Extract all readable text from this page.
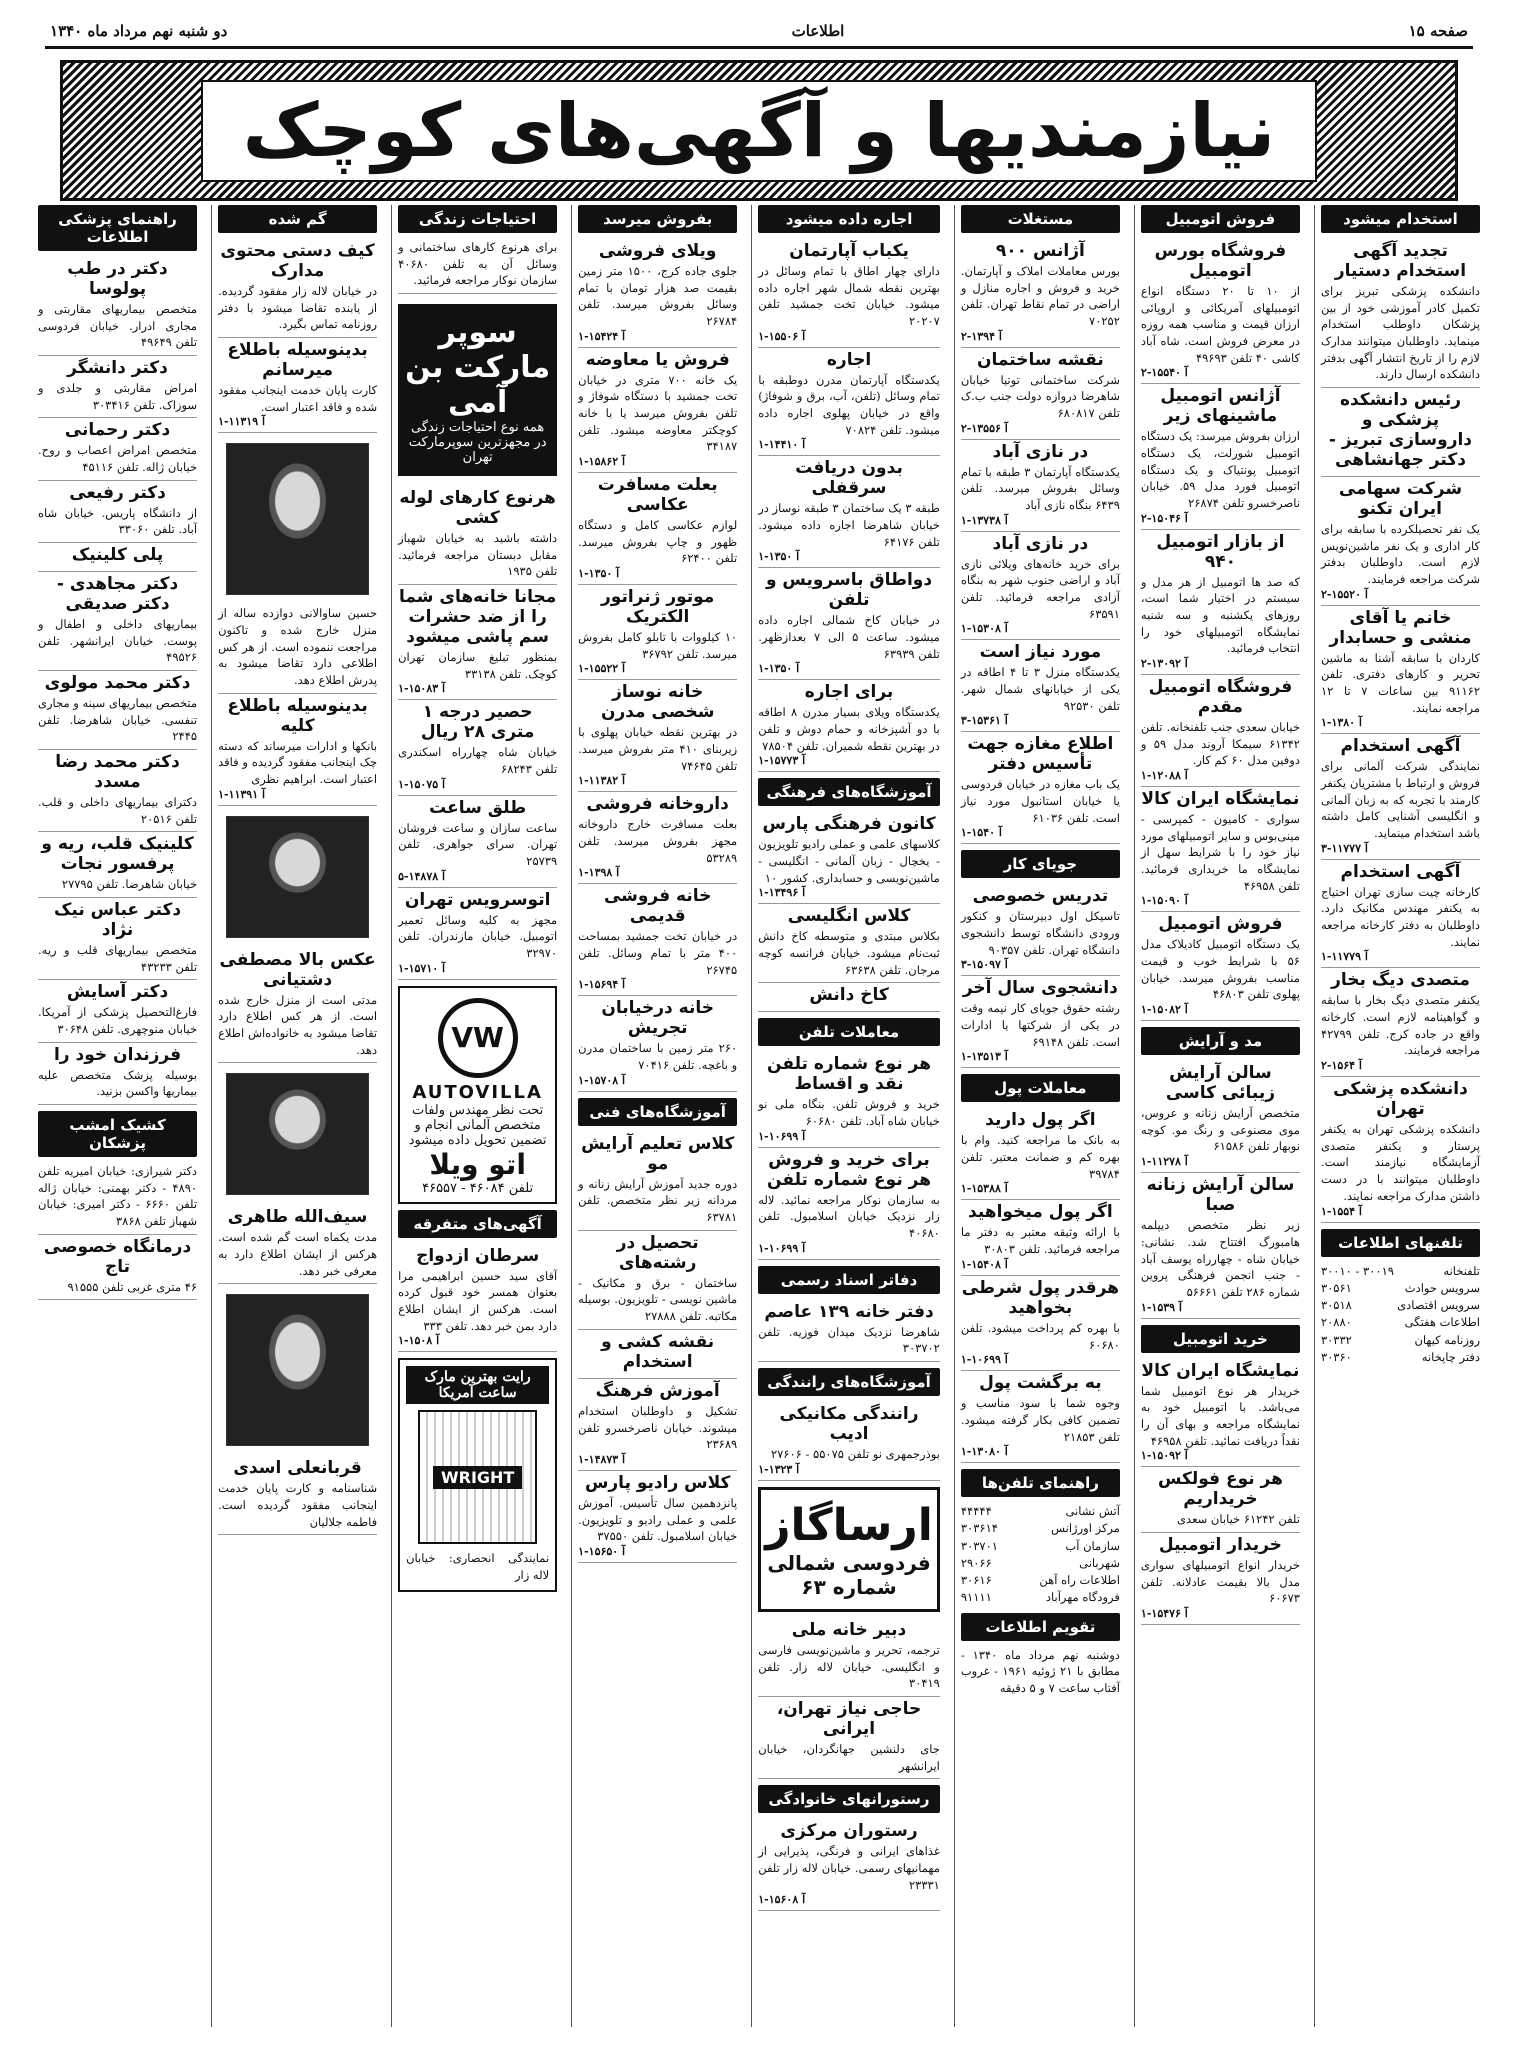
صفحه ۱۵
اطلاعات
دو شنبه نهم مرداد ماه ۱۳۴۰
نیازمندیها و آگهی‌های کوچک
استخدام میشود
تجدید آگهی استخدام دستیار
دانشکده پزشکی تبریز برای تکمیل کادر آموزشی خود از بین پزشکان داوطلب استخدام مینماید. داوطلبان میتوانند مدارک لازم را از تاریخ انتشار آگهی بدفتر دانشکده ارسال دارند.
رئیس دانشکده پزشکی و داروسازی تبریز - دکتر جهانشاهی
شرکت سهامی ایران تکنو
یک نفر تحصیلکرده با سابقه برای کار اداری و یک نفر ماشین‌نویس لازم است. داوطلبان بدفتر شرکت مراجعه فرمایند.
آ ۱۵۵۲۰-۲
خانم یا آقای منشی و حسابدار
کاردان با سابقه آشنا به ماشین تحریر و کارهای دفتری. تلفن ۹۱۱۶۲ بین ساعات ۷ تا ۱۲ مراجعه نمایند.
آ ۱۳۸۰-۱
آگهی استخدام
نمایندگی شرکت آلمانی برای فروش و ارتباط با مشتریان یکنفر کارمند با تجربه که به زبان آلمانی و انگلیسی آشنایی کامل داشته باشد استخدام مینماید.
آ ۱۱۷۷۷-۳
آگهی استخدام
کارخانه چیت سازی تهران احتیاج به یکنفر مهندس مکانیک دارد. داوطلبان به دفتر کارخانه مراجعه نمایند.
آ ۱۱۷۷۹-۱
متصدی دیگ بخار
یکنفر متصدی دیگ بخار با سابقه و گواهینامه لازم است. کارخانه واقع در جاده کرج. تلفن ۴۲۷۹۹ مراجعه فرمایند.
آ ۱۵۶۴-۲
دانشکده پزشکی تهران
دانشکده پزشکی تهران به یکنفر پرستار و یکنفر متصدی آزمایشگاه نیازمند است. داوطلبان میتوانند با در دست داشتن مدارک مراجعه نمایند.
آ ۱۵۵۴-۱
تلفنهای اطلاعات
تلفنخانه
۳۰۰۱۹ - ۳۰۰۱۰
سرویس حوادث
۳۰۵۶۱
سرویس اقتصادی
۳۰۵۱۸
اطلاعات هفتگی
۲۰۸۸۰
روزنامه کیهان
۳۰۳۳۲
دفتر چاپخانه
۳۰۳۶۰
فروش اتومبیل
فروشگاه بورس اتومبیل
از ۱۰ تا ۲۰ دستگاه انواع اتومبیلهای آمریکائی و اروپائی ارزان قیمت و مناسب همه روزه در معرض فروش است. شاه آباد کاشی ۴۰ تلفن ۴۹۶۹۳
آ ۱۵۵۴۰-۲
آژانس اتومبیل ماشینهای زیر
ارزان بفروش میرسد: یک دستگاه اتومبیل شورلت، یک دستگاه اتومبیل پونتیاک و یک دستگاه اتومبیل فورد مدل ۵۹. خیابان ناصرخسرو تلفن ۲۶۸۷۴
آ ۱۵۰۴۶-۲
از بازار اتومبیل ۹۴۰
که صد ها اتومبیل از هر مدل و سیستم در اختیار شما است، روزهای یکشنبه و سه شنبه نمایشگاه اتومبیلهای خود را انتخاب فرمائید.
آ ۱۳۰۹۲-۲
فروشگاه اتومبیل مقدم
خیابان سعدی جنب تلفنخانه. تلفن ۶۱۳۴۲ سیمکا آروند مدل ۵۹ و دوفین مدل ۶۰ کم کار.
آ ۱۲۰۸۸-۱
نمایشگاه ایران کالا
سواری - کامیون - کمپرسی - مینی‌بوس و سایر اتومبیلهای مورد نیاز خود را با شرایط سهل از نمایشگاه ما خریداری فرمائید. تلفن ۴۶۹۵۸
آ ۱۵۰۹۰-۱
فروش اتومبیل
یک دستگاه اتومبیل کادیلاک مدل ۵۶ با شرایط خوب و قیمت مناسب بفروش میرسد. خیابان پهلوی تلفن ۴۶۸۰۳
آ ۱۵۰۸۲-۱
مد و آرایش
سالن آرایش زیبائی کاسی
متخصص آرایش زنانه و عروس، موی مصنوعی و رنگ مو. کوچه نوبهار تلفن ۶۱۵۸۶
آ ۱۱۲۷۸-۱
سالن آرایش زنانه صبا
زیر نظر متخصص دیپلمه هامبورگ افتتاح شد. نشانی: خیابان شاه - چهارراه یوسف آباد - جنب انجمن فرهنگی پروین شماره ۲۸۶ تلفن ۵۶۶۶۱
آ ۱۵۳۹-۱
خرید اتومبیل
نمایشگاه ایران کالا
خریدار هر نوع اتومبیل شما می‌باشد. با اتومبیل خود به نمایشگاه مراجعه و بهای آن را نقداً دریافت نمائید. تلفن ۴۶۹۵۸
آ ۱۵۰۹۲-۱
هر نوع فولکس خریداریم
تلفن ۶۱۲۴۲ خیابان سعدی
خریدار اتومبیل
خریدار انواع اتومبیلهای سواری مدل بالا بقیمت عادلانه. تلفن ۶۰۶۷۳
آ ۱۵۴۷۶-۱
مستغلات
آژانس ۹۰۰
بورس معاملات املاک و آپارتمان. خرید و فروش و اجاره منازل و اراضی در تمام نقاط تهران. تلفن ۷۰۲۵۲
آ ۱۳۹۴-۲
نقشه ساختمان
شرکت ساختمانی توتیا خیابان شاهرضا دروازه دولت جنب ب.ک تلفن ۶۸۰۸۱۷
آ ۱۳۵۵۶-۲
در نازی آباد
یکدستگاه آپارتمان ۳ طبقه با تمام وسائل بفروش میرسد. تلفن ۶۴۳۹ بنگاه نازی آباد
آ ۱۳۷۳۸-۱
در نازی آباد
برای خرید خانه‌های ویلائی نازی آباد و اراضی جنوب شهر به بنگاه آزادی مراجعه فرمائید. تلفن ۶۳۵۹۱
آ ۱۵۳۰۸-۱
مورد نیاز است
یکدستگاه منزل ۳ تا ۴ اطاقه در یکی از خیابانهای شمال شهر. تلفن ۹۲۵۳۰
آ ۱۵۳۶۱-۳
اطلاع مغازه جهت تأسیس دفتر
یک باب مغازه در خیابان فردوسی یا خیابان استانبول مورد نیاز است. تلفن ۶۱۰۳۶
آ ۱۵۴۰-۱
جویای کار
تدریس خصوصی
تاسیکل اول دبیرستان و کنکور ورودی دانشگاه توسط دانشجوی دانشگاه تهران. تلفن ۹۰۳۵۷
آ ۱۵۰۹۷-۳
دانشجوی سال آخر
رشته حقوق جویای کار نیمه وقت در یکی از شرکتها یا ادارات است. تلفن ۶۹۱۴۸
آ ۱۳۵۱۳-۱
معاملات پول
اگر پول دارید
به بانک ما مراجعه کنید. وام با بهره کم و ضمانت معتبر. تلفن ۳۹۷۸۴
آ ۱۵۳۸۸-۱
اگر پول میخواهید
با ارائه وثیقه معتبر به دفتر ما مراجعه فرمائید. تلفن ۳۰۸۰۳
آ ۱۵۴۰۸-۱
هرقدر پول شرطی بخواهید
با بهره کم پرداخت میشود. تلفن ۶۰۶۸۰
آ ۱۰۶۹۹-۱
به برگشت پول
وجوه شما با سود مناسب و تضمین کافی بکار گرفته میشود. تلفن ۲۱۸۵۳
آ ۱۳۰۸۰-۱
راهنمای تلفن‌ها
آتش نشانی
۴۴۴۴۴
مرکز اورژانس
۳۰۳۶۱۴
سازمان آب
۳۰۳۷۰۱
شهربانی
۲۹۰۶۶
اطلاعات راه آهن
۳۰۶۱۶
فرودگاه مهرآباد
۹۱۱۱۱
تقویم اطلاعات
دوشنبه نهم مرداد ماه ۱۳۴۰ - مطابق با ۲۱ ژوئیه ۱۹۶۱ - غروب آفتاب ساعت ۷ و ۵ دقیقه
اجاره داده میشود
یکباب آپارتمان
دارای چهار اطاق با تمام وسائل در بهترین نقطه شمال شهر اجاره داده میشود. خیابان تخت جمشید تلفن ۲۰۲۰۷
آ ۱۵۵۰۶-۱
اجاره
یکدستگاه آپارتمان مدرن دوطبقه با تمام وسائل (تلفن، آب، برق و شوفاژ) واقع در خیابان پهلوی اجاره داده میشود. تلفن ۷۰۸۲۴
آ ۱۴۴۱۰-۱
بدون دریافت سرقفلی
طبقه ۳ یک ساختمان ۳ طبقه نوساز در خیابان شاهرضا اجاره داده میشود. تلفن ۶۴۱۷۶
آ ۱۳۵۰-۱
دواطاق باسرویس و تلفن
در خیابان کاخ شمالی اجاره داده میشود. ساعت ۵ الی ۷ بعدازظهر. تلفن ۶۳۹۳۹
آ ۱۳۵۰-۱
برای اجاره
یکدستگاه ویلای بسیار مدرن ۸ اطاقه با دو آشپزخانه و حمام دوش و تلفن در بهترین نقطه شمیران. تلفن ۷۸۵۰۴
آ ۱۵۷۷۳-۱
آموزشگاه‌های فرهنگی
کانون فرهنگی پارس
کلاسهای علمی و عملی رادیو تلویزیون - یخچال - زبان آلمانی - انگلیسی - ماشین‌نویسی و حسابداری. کشور ۱۰
آ ۱۳۴۹۶-۱
کلاس انگلیسی
بکلاس مبتدی و متوسطه کاخ دانش ثبت‌نام میشود. خیابان فرانسه کوچه مرجان. تلفن ۶۳۶۳۸
کاخ دانش
معاملات تلفن
هر نوع شماره تلفن نقد و اقساط
خرید و فروش تلفن. بنگاه ملی نو خیابان شاه آباد. تلفن ۶۰۶۸۰
آ ۱۰۶۹۹-۱
برای خرید و فروش هر نوع شماره تلفن
به سازمان نوکار مراجعه نمائید. لاله زار نزدیک خیابان اسلامبول. تلفن ۴۰۶۸۰
آ ۱۰۶۹۹-۱
دفاتر اسناد رسمی
دفتر خانه ۱۳۹ عاصم
شاهرضا نزدیک میدان فوزیه. تلفن ۳۰۳۷۰۲
آموزشگاه‌های رانندگی
رانندگی مکانیکی ادیب
بوذرجمهری نو تلفن ۵۵۰۷۵ - ۲۷۶۰۶
آ ۱۳۲۳-۱
ارساگاز
فردوسی شمالی شماره ۶۳
دبیر خانه ملی
ترجمه، تحریر و ماشین‌نویسی فارسی و انگلیسی. خیابان لاله زار. تلفن ۳۰۴۱۹
حاجی نیاز تهران، ایرانی
جای دلنشین جهانگردان، خیابان ایرانشهر
رستورانهای خانوادگی
رستوران مرکزی
غذاهای ایرانی و فرنگی، پذیرایی از مهمانیهای رسمی. خیابان لاله زار تلفن ۲۳۳۳۱
آ ۱۵۶۰۸-۱
بفروش میرسد
ویلای فروشی
جلوی جاده کرج، ۱۵۰۰ متر زمین بقیمت صد هزار تومان با تمام وسائل بفروش میرسد. تلفن ۲۶۷۸۴
آ ۱۵۴۲۴-۱
فروش یا معاوضه
یک خانه ۷۰۰ متری در خیابان تخت جمشید با دستگاه شوفاژ و تلفن بفروش میرسد یا با خانه کوچکتر معاوضه میشود. تلفن ۳۴۱۸۷
آ ۱۵۸۶۲-۱
بعلت مسافرت عکاسی
لوازم عکاسی کامل و دستگاه ظهور و چاپ بفروش میرسد. تلفن ۶۲۴۰۰
آ ۱۳۵۰-۱
موتور ژنراتور الکتریک
۱۰ کیلووات با تابلو کامل بفروش میرسد. تلفن ۳۶۷۹۲
آ ۱۵۵۲۲-۱
خانه نوساز شخصی مدرن
در بهترین نقطه خیابان پهلوی با زیربنای ۴۱۰ متر بفروش میرسد. تلفن ۷۴۶۴۵
آ ۱۱۳۸۲-۱
داروخانه فروشی
بعلت مسافرت خارج داروخانه مجهز بفروش میرسد. تلفن ۵۳۲۸۹
آ ۱۳۹۸-۱
خانه فروشی قدیمی
در خیابان تخت جمشید بمساحت ۴۰۰ متر با تمام وسائل. تلفن ۲۶۷۴۵
آ ۱۵۶۹۴-۱
خانه درخیابان تجریش
۲۶۰ متر زمین با ساختمان مدرن و باغچه. تلفن ۷۰۴۱۶
آ ۱۵۷۰۸-۱
آموزشگاه‌های فنی
کلاس تعلیم آرایش مو
دوره جدید آموزش آرایش زنانه و مردانه زیر نظر متخصص. تلفن ۶۳۷۸۱
تحصیل در رشته‌های
ساختمان - برق و مکانیک - ماشین نویسی - تلویزیون. بوسیله مکاتبه. تلفن ۲۷۸۸۸
نقشه کشی و استخدام
آموزش فرهنگ
تشکیل و داوطلبان استخدام میشوند. خیابان ناصرخسرو تلفن ۲۳۶۸۹
آ ۱۴۸۷۳-۱
کلاس رادیو پارس
پانزدهمین سال تأسیس. آموزش علمی و عملی رادیو و تلویزیون. خیابان اسلامبول. تلفن ۳۷۵۵۰
آ ۱۵۶۵۰-۱
احتیاجات زندگی
برای هرنوع کارهای ساختمانی و وسائل آن به تلفن ۴۰۶۸۰ سازمان نوکار مراجعه فرمائید.
سوپر مارکت بن آمی
همه نوع احتیاجات زندگی در مجهزترین سوپرمارکت تهران
هرنوع کارهای لوله کشی
داشته باشید به خیابان شهباز مقابل دبستان مراجعه فرمائید. تلفن ۱۹۳۵
مجانا خانه‌های شما را از ضد حشرات سم پاشی میشود
بمنظور تبلیغ سازمان تهران کوچک. تلفن ۳۳۱۳۸
آ ۱۵۰۸۳-۱
حصیر درجه ۱ متری ۲۸ ریال
خیابان شاه چهارراه اسکندری تلفن ۶۸۲۴۳
آ ۱۵۰۷۵-۱
طلق ساعت
ساعت سازان و ساعت فروشان تهران. سرای جواهری. تلفن ۲۵۷۳۹
آ ۱۴۸۷۸-۵
اتوسرویس تهران
مجهز به کلیه وسائل تعمیر اتومبیل. خیابان مازندران. تلفن ۳۲۹۷۰
آ ۱۵۷۱۰-۱
VW
AUTOVILLA
تحت نظر مهندس ولفات
متخصص آلمانی انجام و تضمین تحویل داده میشود
اتو ویلا
تلفن ۴۶۰۸۴ - ۴۶۵۵۷
آگهی‌های متفرقه
سرطان ازدواج
آقای سید حسین ابراهیمی مرا بعنوان همسر خود قبول کرده است. هرکس از ایشان اطلاع دارد بمن خبر دهد. تلفن ۳۳۳
آ ۱۵۰۸-۱
رایت بهترین مارک ساعت آمریکا
WRIGHT
نمایندگی انحصاری: خیابان لاله زار
گم شده
کیف دستی محتوی مدارک
در خیابان لاله زار مفقود گردیده. از یابنده تقاضا میشود با دفتر روزنامه تماس بگیرد.
بدینوسیله باطلاع میرسانم
کارت پایان خدمت اینجانب مفقود شده و فاقد اعتبار است.
آ ۱۱۳۱۹-۱
حسین ساوالانی دوازده ساله از منزل خارج شده و تاکنون مراجعت ننموده است. از هر کس اطلاعی دارد تقاضا میشود به پدرش اطلاع دهد.
بدینوسیله باطلاع کلیه
بانکها و ادارات میرساند که دسته چک اینجانب مفقود گردیده و فاقد اعتبار است. ابراهیم نظری
آ ۱۱۳۹۱-۱
عکس بالا مصطفی دشتیانی
مدتی است از منزل خارج شده است. از هر کس اطلاع دارد تقاضا میشود به خانواده‌اش اطلاع دهد.
سیف‌الله طاهری
مدت یکماه است گم شده است. هرکس از ایشان اطلاع دارد به معرفی خبر دهد.
قربانعلی اسدی
شناسنامه و کارت پایان خدمت اینجانب مفقود گردیده است. فاطمه جلالیان
راهنمای پزشکی اطلاعات
دکتر در طب پولوسا
متخصص بیماریهای مقاربتی و مجاری ادرار. خیابان فردوسی تلفن ۴۹۶۴۹
دکتر دانشگر
امراض مقاربتی و جلدی و سوزاک. تلفن ۳۰۳۴۱۶
دکتر رحمانی
متخصص امراض اعصاب و روح. خیابان ژاله. تلفن ۴۵۱۱۶
دکتر رفیعی
از دانشگاه پاریس. خیابان شاه آباد. تلفن ۳۳۰۶۰
پلی کلینیک
دکتر مجاهدی - دکتر صدیقی
بیماریهای داخلی و اطفال و پوست. خیابان ایرانشهر. تلفن ۴۹۵۲۶
دکتر محمد مولوی
متخصص بیماریهای سینه و مجاری تنفسی. خیابان شاهرضا. تلفن ۲۴۴۵
دکتر محمد رضا مسدد
دکترای بیماریهای داخلی و قلب. تلفن ۲۰۵۱۶
کلینیک قلب، ریه و پرفسور نجات
خیابان شاهرضا. تلفن ۲۷۷۹۵
دکتر عباس نیک نژاد
متخصص بیماریهای قلب و ریه. تلفن ۴۳۲۳۳
دکتر آسایش
فارغ‌التحصیل پزشکی از آمریکا. خیابان منوچهری. تلفن ۳۰۶۴۸
فرزندان خود را
بوسیله پزشک متخصص علیه بیماریها واکسن بزنید.
کشیک امشب پزشکان
دکتر شیرازی: خیابان امیریه تلفن ۴۸۹۰ - دکتر بهمنی: خیابان ژاله تلفن ۶۶۶۰ - دکتر امیری: خیابان شهباز تلفن ۳۸۶۸
درمانگاه خصوصی تاج
۴۶ متری غربی تلفن ۹۱۵۵۵
